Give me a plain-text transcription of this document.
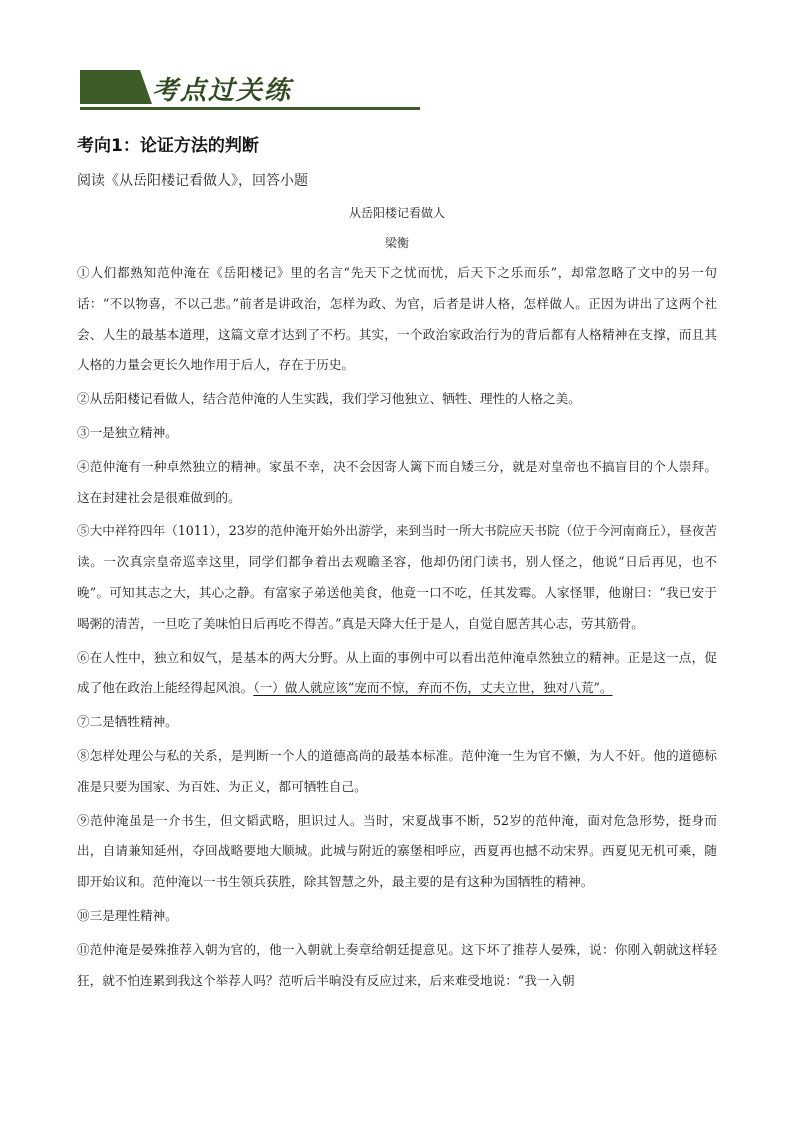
考点过关练
考向1：论证方法的判断
阅读《从岳阳楼记看做人》，回答小题
从岳阳楼记看做人
梁衡

①人们都熟知范仲淹在《岳阳楼记》里的名言“先天下之忧而忧，后天下之乐而乐”，却常忽略了文中的另一句话：“不以物喜，不以己悲。”前者是讲政治，怎样为政、为官，后者是讲人格，怎样做人。正因为讲出了这两个社会、人生的最基本道理，这篇文章才达到了不朽。其实，一个政治家政治行为的背后都有人格精神在支撑，而且其人格的力量会更长久地作用于后人，存在于历史。

②从岳阳楼记看做人，结合范仲淹的人生实践，我们学习他独立、牺牲、理性的人格之美。

③一是独立精神。

④范仲淹有一种卓然独立的精神。家虽不幸，决不会因寄人篱下而自矮三分，就是对皇帝也不搞盲目的个人崇拜。这在封建社会是很难做到的。

⑤大中祥符四年（1011），23岁的范仲淹开始外出游学，来到当时一所大书院应天书院（位于今河南商丘），昼夜苦读。一次真宗皇帝巡幸这里，同学们都争着出去观瞻圣容，他却仍闭门读书，别人怪之，他说“日后再见，也不晚”。可知其志之大，其心之静。有富家子弟送他美食，他竟一口不吃，任其发霉。人家怪罪，他谢曰：“我已安于喝粥的清苦，一旦吃了美味怕日后再吃不得苦。”真是天降大任于是人，自觉自愿苦其心志，劳其筋骨。

⑥在人性中，独立和奴气，是基本的两大分野。从上面的事例中可以看出范仲淹卓然独立的精神。正是这一点，促成了他在政治上能经得起风浪。（一）做人就应该“宠而不惊，弃而不伤，丈夫立世，独对八荒”。

⑦二是牺牲精神。

⑧怎样处理公与私的关系，是判断一个人的道德高尚的最基本标准。范仲淹一生为官不懒，为人不奸。他的道德标准是只要为国家、为百姓、为正义，都可牺牲自己。

⑨范仲淹虽是一介书生，但文韬武略，胆识过人。当时，宋夏战事不断，52岁的范仲淹，面对危急形势，挺身而出，自请兼知延州，夺回战略要地大顺城。此城与附近的寨堡相呼应，西夏再也撼不动宋界。西夏见无机可乘，随即开始议和。范仲淹以一书生领兵获胜，除其智慧之外，最主要的是有这种为国牺牲的精神。

⑩三是理性精神。

⑪范仲淹是晏殊推荐入朝为官的，他一入朝就上奏章给朝廷提意见。这下坏了推荐人晏殊，说：你刚入朝就这样轻狂，就不怕连累到我这个举荐人吗？范听后半晌没有反应过来，后来难受地说：“我一入朝
